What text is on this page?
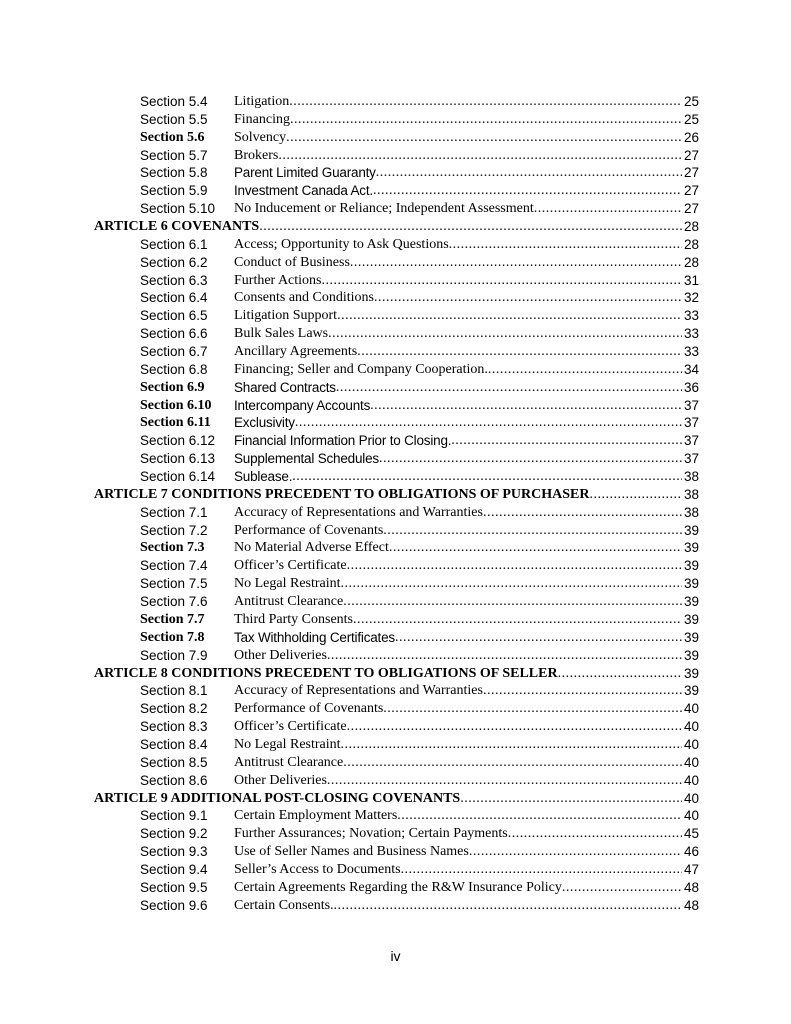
Section 5.4 Litigation .....	25
Section 5.5 Financing .....	25
Section 5.6 Solvency .....	26
Section 5.7 Brokers .....	27
Section 5.8 Parent Limited Guaranty .....	27
Section 5.9 Investment Canada Act. .....	27
Section 5.10 No Inducement or Reliance; Independent Assessment .....	27
ARTICLE 6 COVENANTS .....	28
Section 6.1 Access; Opportunity to Ask Questions .....	28
Section 6.2 Conduct of Business .....	28
Section 6.3 Further Actions .....	31
Section 6.4 Consents and Conditions .....	32
Section 6.5 Litigation Support .....	33
Section 6.6 Bulk Sales Laws .....	33
Section 6.7 Ancillary Agreements .....	33
Section 6.8 Financing; Seller and Company Cooperation. .....	34
Section 6.9 Shared Contracts .....	36
Section 6.10 Intercompany Accounts .....	37
Section 6.11 Exclusivity .....	37
Section 6.12 Financial Information Prior to Closing. .....	37
Section 6.13 Supplemental Schedules .....	37
Section 6.14 Sublease. .....	38
ARTICLE 7 CONDITIONS PRECEDENT TO OBLIGATIONS OF PURCHASER .....	38
Section 7.1 Accuracy of Representations and Warranties .....	38
Section 7.2 Performance of Covenants .....	39
Section 7.3 No Material Adverse Effect .....	39
Section 7.4 Officer’s Certificate .....	39
Section 7.5 No Legal Restraint .....	39
Section 7.6 Antitrust Clearance .....	39
Section 7.7 Third Party Consents .....	39
Section 7.8 Tax Withholding Certificates .....	39
Section 7.9 Other Deliveries .....	39
ARTICLE 8 CONDITIONS PRECEDENT TO OBLIGATIONS OF SELLER .....	39
Section 8.1 Accuracy of Representations and Warranties .....	39
Section 8.2 Performance of Covenants .....	40
Section 8.3 Officer’s Certificate .....	40
Section 8.4 No Legal Restraint .....	40
Section 8.5 Antitrust Clearance .....	40
Section 8.6 Other Deliveries .....	40
ARTICLE 9 ADDITIONAL POST-CLOSING COVENANTS .....	40
Section 9.1 Certain Employment Matters .....	40
Section 9.2 Further Assurances; Novation; Certain Payments .....	45
Section 9.3 Use of Seller Names and Business Names .....	46
Section 9.4 Seller’s Access to Documents .....	47
Section 9.5 Certain Agreements Regarding the R&W Insurance Policy .....	48
Section 9.6 Certain Consents. .....	48
iv
